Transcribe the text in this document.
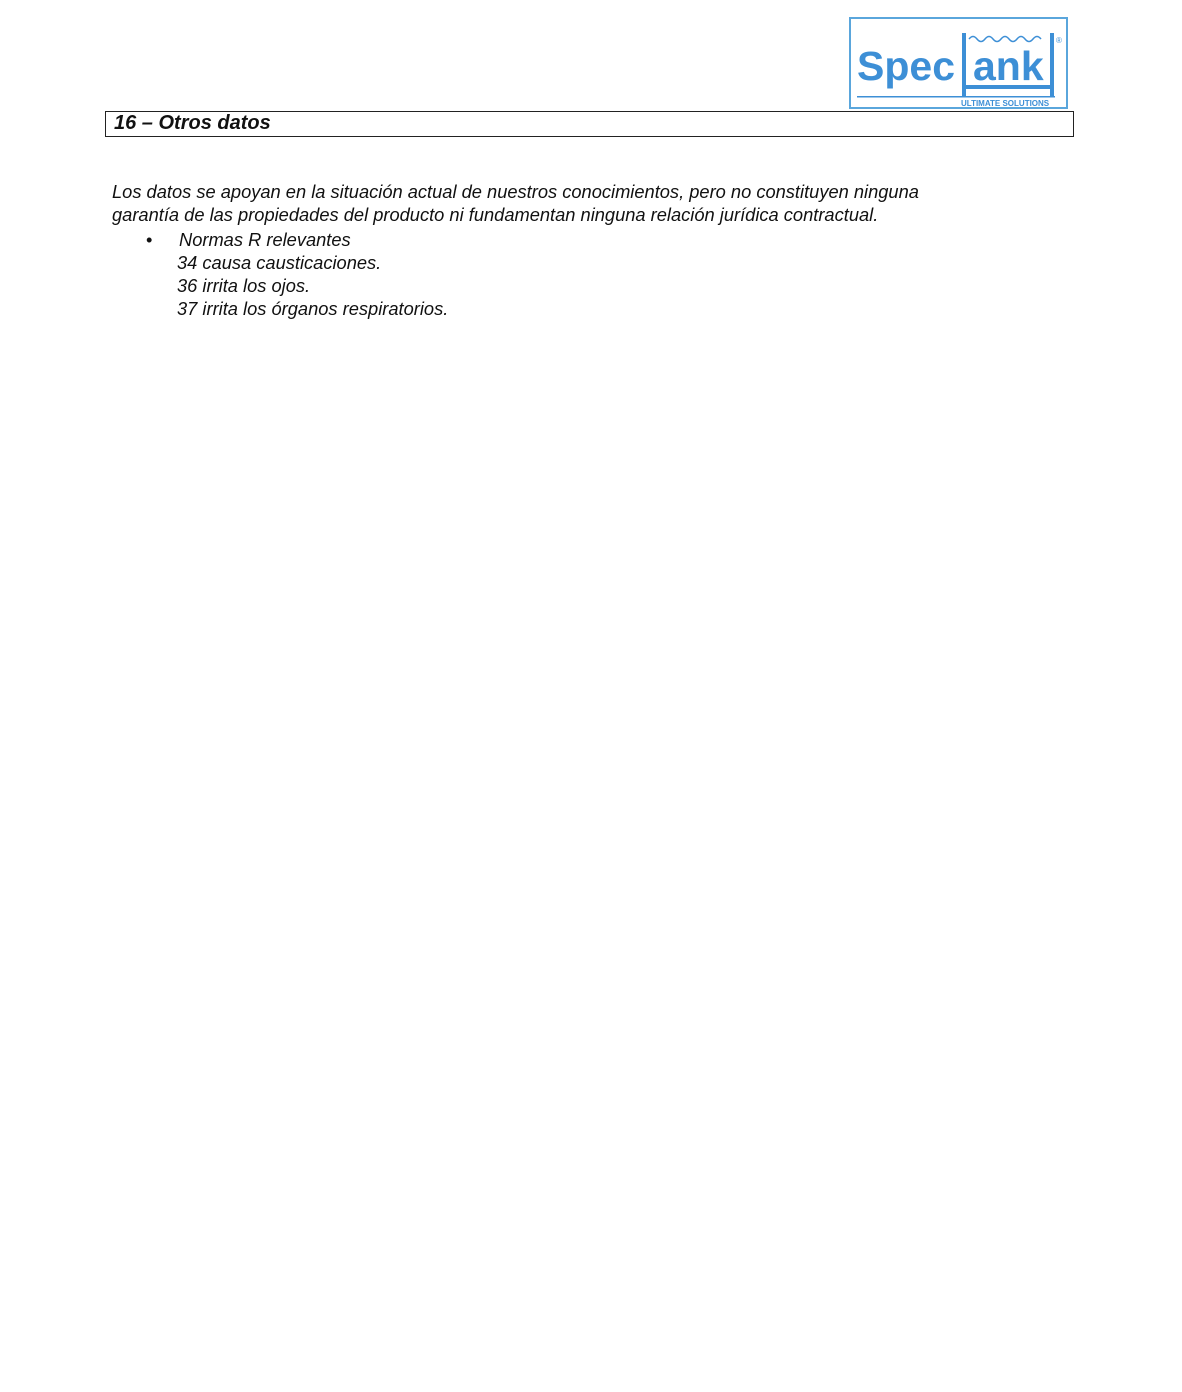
Spec ank
®
ULTIMATE SOLUTIONS
16 – Otros datos
Los datos se apoyan en la situación actual de nuestros conocimientos, pero no constituyen ninguna
garantía de las propiedades del producto ni fundamentan ninguna relación jurídica contractual.
• Normas R relevantes
34 causa causticaciones.
36 irrita los ojos.
37 irrita los órganos respiratorios.
